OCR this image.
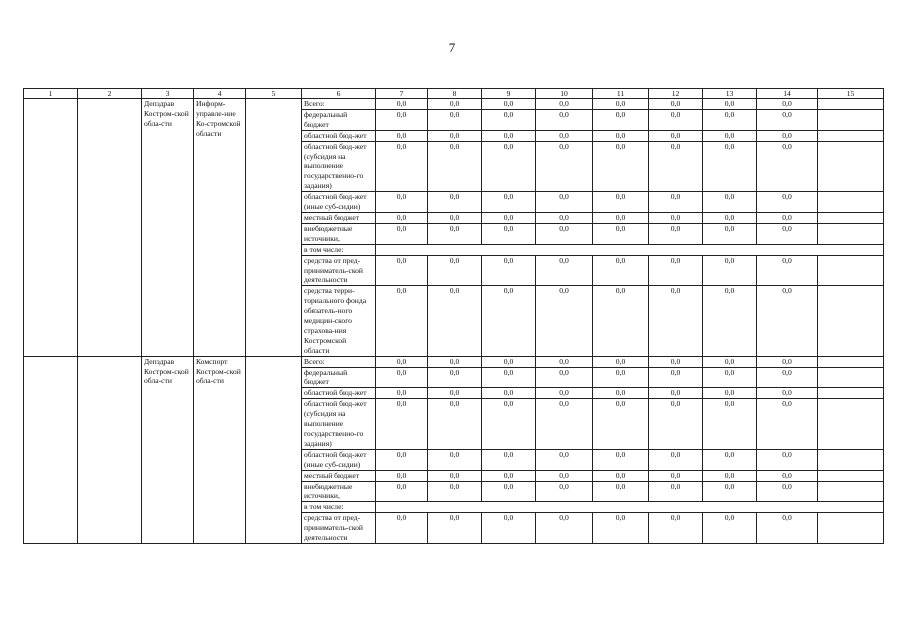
7
1	2	3	4	5	6	7	8	9	10	11	12	13	14	15
		Депздрав Костром-ской обла-сти	Информ-управле-ние Ко-стромской области		Всего:	0,0	0,0	0,0	0,0	0,0	0,0	0,0	0,0	
					федеральный бюджет	0,0	0,0	0,0	0,0	0,0	0,0	0,0	0,0	
					областной бюд-жет	0,0	0,0	0,0	0,0	0,0	0,0	0,0	0,0	
					областной бюд-жет (субсидия на выполнение государственно-го задания)	0,0	0,0	0,0	0,0	0,0	0,0	0,0	0,0	
					областной бюд-жет (иные суб-сидии)	0,0	0,0	0,0	0,0	0,0	0,0	0,0	0,0	
					местный бюджет	0,0	0,0	0,0	0,0	0,0	0,0	0,0	0,0	
					внебюджетные источники,	0,0	0,0	0,0	0,0	0,0	0,0	0,0	0,0	
					в том числе:									
					средства от пред-приниматель-ской деятельности	0,0	0,0	0,0	0,0	0,0	0,0	0,0	0,0	
					средства терри-ториального фонда обязатель-ного медицин-ского страхова-ния Костромской области	0,0	0,0	0,0	0,0	0,0	0,0	0,0	0,0	
		Депздрав Костром-ской обла-сти	Комспорт Костром-ской обла-сти		Всего:	0,0	0,0	0,0	0,0	0,0	0,0	0,0	0,0	
					федеральный бюджет	0,0	0,0	0,0	0,0	0,0	0,0	0,0	0,0	
					областной бюд-жет	0,0	0,0	0,0	0,0	0,0	0,0	0,0	0,0	
					областной бюд-жет (субсидия на выполнение государственно-го задания)	0,0	0,0	0,0	0,0	0,0	0,0	0,0	0,0	
					областной бюд-жет (иные суб-сидии)	0,0	0,0	0,0	0,0	0,0	0,0	0,0	0,0	
					местный бюджет	0,0	0,0	0,0	0,0	0,0	0,0	0,0	0,0	
					внебюджетные источники,	0,0	0,0	0,0	0,0	0,0	0,0	0,0	0,0	
					в том числе:									
					средства от пред-приниматель-ской деятельности	0,0	0,0	0,0	0,0	0,0	0,0	0,0	0,0	
